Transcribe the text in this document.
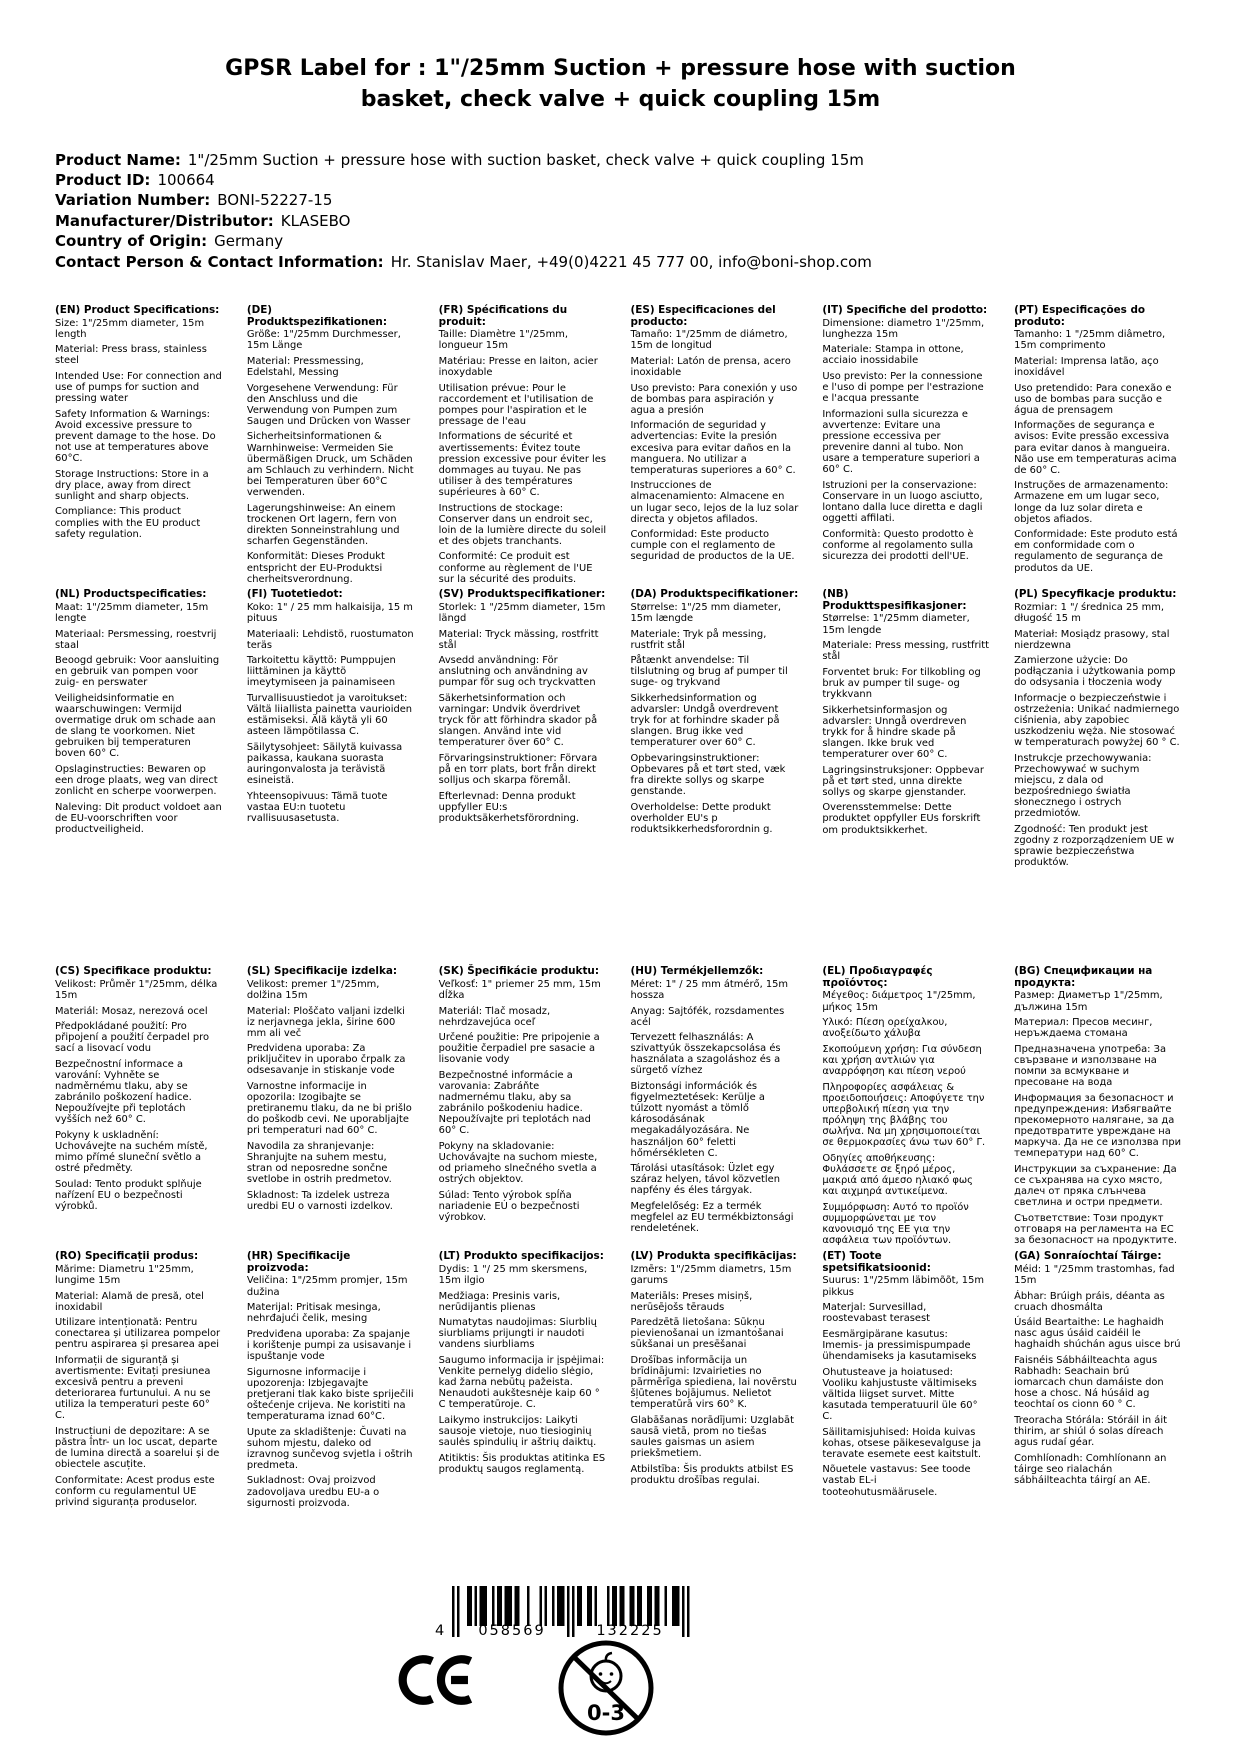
GPSR Label for : 1"/25mm Suction + pressure hose with suction basket, check valve + quick coupling 15m
Product Name: 1"/25mm Suction + pressure hose with suction basket, check valve + quick coupling 15m
Product ID: 100664
Variation Number: BONI-52227-15
Manufacturer/Distributor: KLASEBO
Country of Origin: Germany
Contact Person & Contact Information: Hr. Stanislav Maer, +49(0)4221 45 777 00, info@boni-shop.com
(EN) Product Specifications:

Size: 1"/25mm diameter, 15m length

Material: Press brass, stainless steel

Intended Use: For connection and use of pumps for suction and pressing water

Safety Information & Warnings: Avoid excessive pressure to prevent damage to the hose. Do not use at temperatures above 60°C.

Storage Instructions: Store in a dry place, away from direct sunlight and sharp objects.

Compliance: This product complies with the EU product safety regulation.

(DE) Produktspezifikationen:

Größe: 1"/25mm Durchmesser, 15m Länge

Material: Pressmessing, Edelstahl, Messing

Vorgesehene Verwendung: Für den Anschluss und die Verwendung von Pumpen zum Saugen und Drücken von Wasser

Sicherheitsinformationen & Warnhinweise: Vermeiden Sie übermäßigen Druck, um Schäden am Schlauch zu verhindern. Nicht bei Temperaturen über 60°C verwenden.

Lagerungshinweise: An einem trockenen Ort lagern, fern von direkten Sonneinstrahlung und scharfen Gegenständen.

Konformität: Dieses Produkt entspricht der EU-Produktsi cherheitsverordnung.

(FR) Spécifications du produit:

Taille: Diamètre 1"/25mm, longueur 15m

Matériau: Presse en laiton, acier inoxydable

Utilisation prévue: Pour le raccordement et l'utilisation de pompes pour l'aspiration et le pressage de l'eau

Informations de sécurité et avertissements: Évitez toute pression excessive pour éviter les dommages au tuyau. Ne pas utiliser à des températures supérieures à 60° C.

Instructions de stockage: Conserver dans un endroit sec, loin de la lumière directe du soleil et des objets tranchants.

Conformité: Ce produit est conforme au règlement de l'UE sur la sécurité des produits.

(ES) Especificaciones del producto:

Tamaño: 1"/25mm de diámetro, 15m de longitud

Material: Latón de prensa, acero inoxidable

Uso previsto: Para conexión y uso de bombas para aspiración y agua a presión

Información de seguridad y advertencias: Evite la presión excesiva para evitar daños en la manguera. No utilizar a temperaturas superiores a 60° C.

Instrucciones de almacenamiento: Almacene en un lugar seco, lejos de la luz solar directa y objetos afilados.

Conformidad: Este producto cumple con el reglamento de seguridad de productos de la UE.

(IT) Specifiche del prodotto:

Dimensione: diametro 1"/25mm, lunghezza 15m

Materiale: Stampa in ottone, acciaio inossidabile

Uso previsto: Per la connessione e l'uso di pompe per l'estrazione e l'acqua pressante

Informazioni sulla sicurezza e avvertenze: Evitare una pressione eccessiva per prevenire danni al tubo. Non usare a temperature superiori a 60° C.

Istruzioni per la conservazione: Conservare in un luogo asciutto, lontano dalla luce diretta e dagli oggetti affilati.

Conformità: Questo prodotto è conforme al regolamento sulla sicurezza dei prodotti dell'UE.

(PT) Especificações do produto:

Tamanho: 1 "/25mm diâmetro, 15m comprimento

Material: Imprensa latão, aço inoxidável

Uso pretendido: Para conexão e uso de bombas para sucção e água de prensagem

Informações de segurança e avisos: Evite pressão excessiva para evitar danos à mangueira. Não use em temperaturas acima de 60° C.

Instruções de armazenamento: Armazene em um lugar seco, longe da luz solar direta e objetos afiados.

Conformidade: Este produto está em conformidade com o regulamento de segurança de produtos da UE.

(NL) Productspecificaties:

Maat: 1"/25mm diameter, 15m lengte

Materiaal: Persmessing, roestvrij staal

Beoogd gebruik: Voor aansluiting en gebruik van pompen voor zuig- en perswater

Veiligheidsinformatie en waarschuwingen: Vermijd overmatige druk om schade aan de slang te voorkomen. Niet gebruiken bij temperaturen boven 60° C.

Opslaginstructies: Bewaren op een droge plaats, weg van direct zonlicht en scherpe voorwerpen.

Naleving: Dit product voldoet aan de EU-voorschriften voor productveiligheid.

(FI) Tuotetiedot:

Koko: 1" / 25 mm halkaisija, 15 m pituus

Materiaali: Lehdistö, ruostumaton teräs

Tarkoitettu käyttö: Pumppujen liittäminen ja käyttö imeytymiseen ja painamiseen

Turvallisuustiedot ja varoitukset: Vältä liiallista painetta vaurioiden estämiseksi. Älä käytä yli 60 asteen lämpötilassa C.

Säilytysohjeet: Säilytä kuivassa paikassa, kaukana suorasta auringonvalosta ja terävistä esineistä.

Yhteensopivuus: Tämä tuote vastaa EU:n tuotetu rvallisuusasetusta.

(SV) Produktspecifikationer:

Storlek: 1 "/25mm diameter, 15m längd

Material: Tryck mässing, rostfritt stål

Avsedd användning: För anslutning och användning av pumpar för sug och tryckvatten

Säkerhetsinformation och varningar: Undvik överdrivet tryck för att förhindra skador på slangen. Använd inte vid temperaturer över 60° C.

Förvaringsinstruktioner: Förvara på en torr plats, bort från direkt solljus och skarpa föremål.

Efterlevnad: Denna produkt uppfyller EU:s produktsäkerhetsförordning.

(DA) Produktspecifikationer:

Størrelse: 1"/25 mm diameter, 15m længde

Materiale: Tryk på messing, rustfrit stål

Påtænkt anvendelse: Til tilslutning og brug af pumper til suge- og trykvand

Sikkerhedsinformation og advarsler: Undgå overdrevent tryk for at forhindre skader på slangen. Brug ikke ved temperaturer over 60° C.

Opbevaringsinstruktioner: Opbevares på et tørt sted, væk fra direkte sollys og skarpe genstande.

Overholdelse: Dette produkt overholder EU's p roduktsikkerhedsforordnin g.

(NB) Produkttspesifikasjoner:

Størrelse: 1"/25mm diameter, 15m lengde

Materiale: Press messing, rustfritt stål

Forventet bruk: For tilkobling og bruk av pumper til suge- og trykkvann

Sikkerhetsinformasjon og advarsler: Unngå overdreven trykk for å hindre skade på slangen. Ikke bruk ved temperaturer over 60° C.

Lagringsinstruksjoner: Oppbevar på et tørt sted, unna direkte sollys og skarpe gjenstander.

Overensstemmelse: Dette produktet oppfyller EUs forskrift om produktsikkerhet.

(PL) Specyfikacje produktu:

Rozmiar: 1 "/ średnica 25 mm, długość 15 m

Materiał: Mosiądz prasowy, stal nierdzewna

Zamierzone użycie: Do podłączania i użytkowania pomp do odsysania i tłoczenia wody

Informacje o bezpieczeństwie i ostrzeżenia: Unikać nadmiernego ciśnienia, aby zapobiec uszkodzeniu węża. Nie stosować w temperaturach powyżej 60 ° C.

Instrukcje przechowywania: Przechowywać w suchym miejscu, z dala od bezpośredniego światła słonecznego i ostrych przedmiotów.

Zgodność: Ten produkt jest zgodny z rozporządzeniem UE w sprawie bezpieczeństwa produktów.

(CS) Specifikace produktu:

Velikost: Průměr 1"/25mm, délka 15m

Materiál: Mosaz, nerezová ocel

Předpokládané použití: Pro připojení a použití čerpadel pro sací a lisovací vodu

Bezpečnostní informace a varování: Vyhněte se nadměrnému tlaku, aby se zabránilo poškození hadice. Nepoužívejte při teplotách vyšších než 60° C.

Pokyny k uskladnění: Uchovávejte na suchém místě, mimo přímé sluneční světlo a ostré předměty.

Soulad: Tento produkt splňuje nařízení EU o bezpečnosti výrobků.

(SL) Specifikacije izdelka:

Velikost: premer 1"/25mm, dolžina 15m

Material: Ploščato valjani izdelki iz nerjavnega jekla, širine 600 mm ali več

Predvidena uporaba: Za priključitev in uporabo črpalk za odsesavanje in stiskanje vode

Varnostne informacije in opozorila: Izogibajte se pretiranemu tlaku, da ne bi prišlo do poškodb cevi. Ne uporabljajte pri temperaturi nad 60° C.

Navodila za shranjevanje: Shranjujte na suhem mestu, stran od neposredne sončne svetlobe in ostrih predmetov.

Skladnost: Ta izdelek ustreza uredbi EU o varnosti izdelkov.

(SK) Špecifikácie produktu:

Veľkosť: 1" priemer 25 mm, 15m dĺžka

Materiál: Tlač mosadz, nehrdzavejúca oceľ

Určené použitie: Pre pripojenie a použitie čerpadiel pre sasacie a lisovanie vody

Bezpečnostné informácie a varovania: Zabráňte nadmernému tlaku, aby sa zabránilo poškodeniu hadice. Nepoužívajte pri teplotách nad 60° C.

Pokyny na skladovanie: Uchovávajte na suchom mieste, od priameho slnečného svetla a ostrých objektov.

Súlad: Tento výrobok spĺňa nariadenie EÚ o bezpečnosti výrobkov.

(HU) Termékjellemzők:

Méret: 1" / 25 mm átmérő, 15m hossza

Anyag: Sajtófék, rozsdamentes acél

Tervezett felhasználás: A szivattyúk összekapcsolása és használata a szagoláshoz és a sürgető vízhez

Biztonsági információk és figyelmeztetések: Kerülje a túlzott nyomást a tömlő károsodásának megakadályozására. Ne használjon 60° feletti hőmérsékleten C.

Tárolási utasítások: Üzlet egy száraz helyen, távol közvetlen napfény és éles tárgyak.

Megfelelőség: Ez a termék megfelel az EU termékbiztonsági rendeletének.

(EL) Προδιαγραφές προϊόντος:

Μέγεθος: διάμετρος 1"/25mm, μήκος 15m

Υλικό: Πίεση ορείχαλκου, ανοξείδωτο χάλυβα

Σκοπούμενη χρήση: Για σύνδεση και χρήση αντλιών για αναρρόφηση και πίεση νερού

Πληροφορίες ασφάλειας & προειδοποιήσεις: Αποφύγετε την υπερβολική πίεση για την πρόληψη της βλάβης του σωλήνα. Να μη χρησιμοποιείται σε θερμοκρασίες άνω των 60° Γ.

Οδηγίες αποθήκευσης: Φυλάσσετε σε ξηρό μέρος, μακριά από άμεσο ηλιακό φως και αιχμηρά αντικείμενα.

Συμμόρφωση: Αυτό το προϊόν συμμορφώνεται με τον κανονισμό της ΕΕ για την ασφάλεια των προϊόντων.

(BG) Спецификации на продукта:

Размер: Диаметър 1"/25mm, дължина 15m

Материал: Пресов месинг, неръждаема стомана

Предназначена употреба: За свързване и използване на помпи за всмукване и пресоване на вода

Информация за безопасност и предупреждения: Избягвайте прекомерното налягане, за да предотвратите увреждане на маркуча. Да не се използва при температури над 60° C.

Инструкции за съхранение: Да се съхранява на сухо място, далеч от пряка слънчева светлина и остри предмети.

Съответствие: Този продукт отговаря на регламента на ЕС за безопасност на продуктите.

(RO) Specificații produs:

Mărime: Diametru 1"25mm, lungime 15m

Material: Alamă de presă, otel inoxidabil

Utilizare intenționată: Pentru conectarea și utilizarea pompelor pentru aspirarea și presarea apei

Informații de siguranță și avertismente: Evitați presiunea excesivă pentru a preveni deteriorarea furtunului. A nu se utiliza la temperaturi peste 60° C.

Instrucțiuni de depozitare: A se păstra într- un loc uscat, departe de lumina directă a soarelui și de obiectele ascuțite.

Conformitate: Acest produs este conform cu regulamentul UE privind siguranța produselor.

(HR) Specifikacije proizvoda:

Veličina: 1"/25mm promjer, 15m dužina

Materijal: Pritisak mesinga, nehrđajući čelik, mesing

Predviđena uporaba: Za spajanje i korištenje pumpi za usisavanje i ispuštanje vode

Sigurnosne informacije i upozorenja: Izbjegavajte pretjerani tlak kako biste spriječili oštećenje crijeva. Ne koristiti na temperaturama iznad 60°C.

Upute za skladištenje: Čuvati na suhom mjestu, daleko od izravnog sunčevog svjetla i oštrih predmeta.

Sukladnost: Ovaj proizvod zadovoljava uredbu EU-a o sigurnosti proizvoda.

(LT) Produkto specifikacijos:

Dydis: 1 "/ 25 mm skersmens, 15m ilgio

Medžiaga: Presinis varis, nerūdijantis plienas

Numatytas naudojimas: Siurblių siurbliams prijungti ir naudoti vandens siurbliams

Saugumo informacija ir įspėjimai: Venkite pernelyg didelio slėgio, kad žarna nebūtų pažeista. Nenaudoti aukštesnėje kaip 60 ° C temperatūroje. C.

Laikymo instrukcijos: Laikyti sausoje vietoje, nuo tiesioginių saulės spindulių ir aštrių daiktų.

Atitiktis: Šis produktas atitinka ES produktų saugos reglamentą.

(LV) Produkta specifikācijas:

Izmērs: 1"/25mm diametrs, 15m garums

Materiāls: Preses misiņš, nerūsējošs tērauds

Paredzētā lietošana: Sūkņu pievienošanai un izmantošanai sūkšanai un presēšanai

Drošības informācija un brīdinājumi: Izvairieties no pārmērīga spiediena, lai novērstu šļūtenes bojājumus. Nelietot temperatūrā virs 60° K.

Glabāšanas norādījumi: Uzglabāt sausā vietā, prom no tiešas saules gaismas un asiem priekšmetiem.

Atbilstība: Šis produkts atbilst ES produktu drošības regulai.

(ET) Toote spetsifikatsioonid:

Suurus: 1"/25mm läbimõõt, 15m pikkus

Materjal: Survesillad, roostevabast terasest

Eesmärgipärane kasutus: Imemis- ja pressimispumpade ühendamiseks ja kasutamiseks

Ohutusteave ja hoiatused: Vooliku kahjustuste vältimiseks vältida liigset survet. Mitte kasutada temperatuuril üle 60° C.

Säilitamisjuhised: Hoida kuivas kohas, otsese päikesevalguse ja teravate esemete eest kaitstult.

Nõuetele vastavus: See toode vastab EL-i tooteohutusmäärusele.

(GA) Sonraíochtaí Táirge:

Méid: 1 "/25mm trastomhas, fad 15m

Ábhar: Brúigh práis, déanta as cruach dhosmálta

Úsáid Beartaithe: Le haghaidh nasc agus úsáid caidéil le haghaidh shúchán agus uisce brú

Faisnéis Sábháilteachta agus Rabhadh: Seachain brú iomarcach chun damáiste don hose a chosc. Ná húsáid ag teochtaí os cionn 60 ° C.

Treoracha Stórála: Stóráil in áit thirim, ar shiúl ó solas díreach agus rudaí géar.

Comhlíonadh: Comhlíonann an táirge seo rialachán sábháilteachta táirgí an AE.

4	058569	132225
0-3
